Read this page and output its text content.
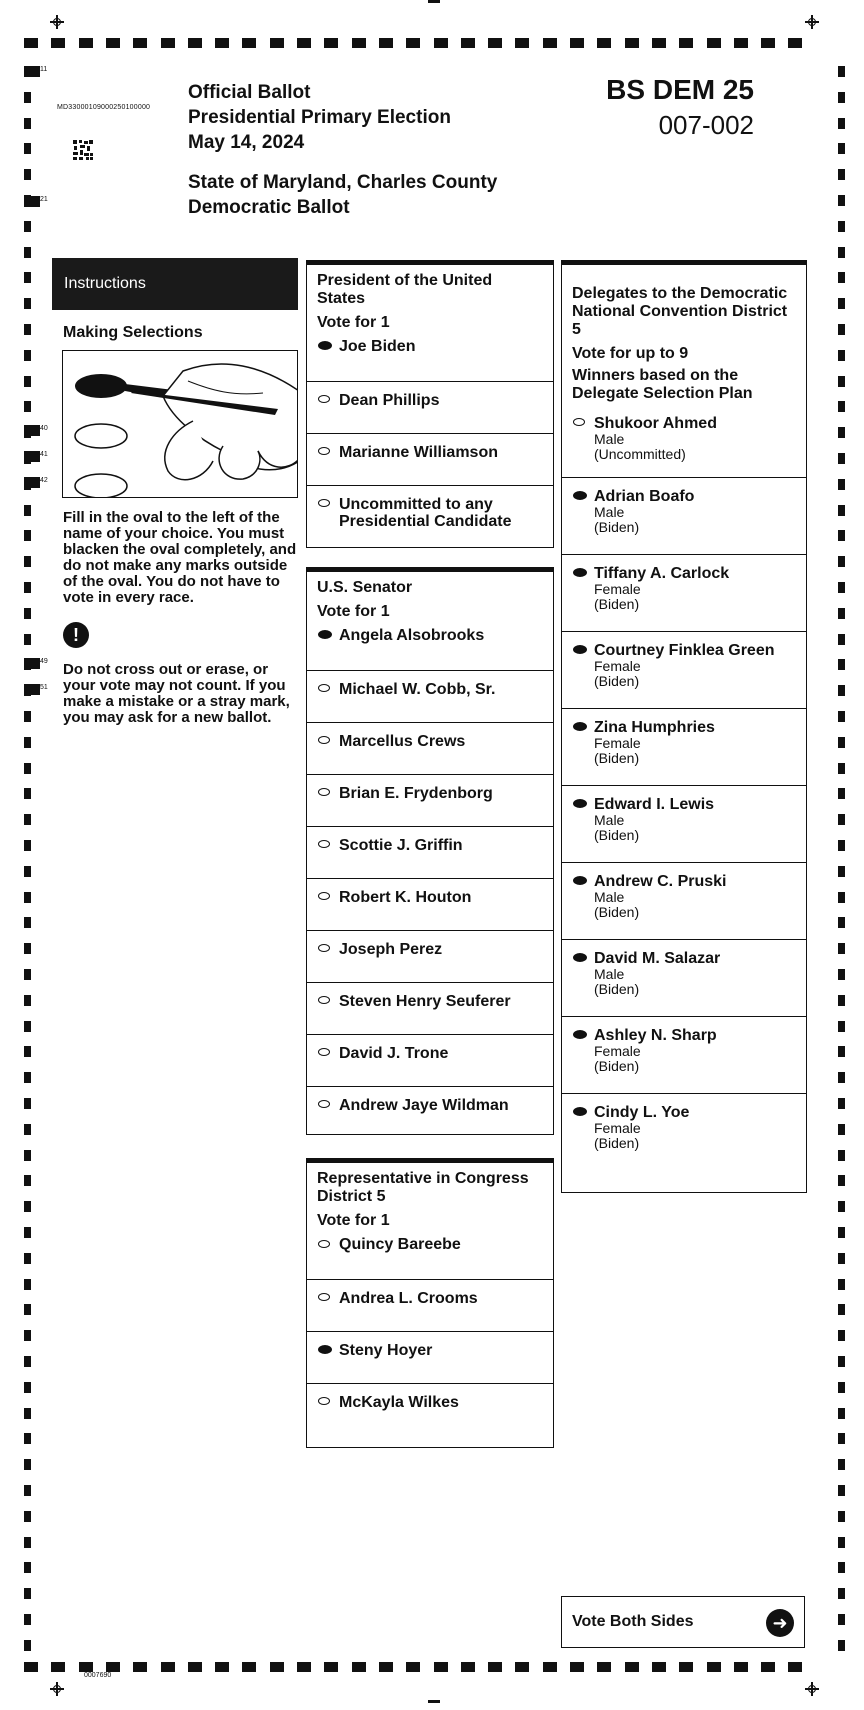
11
21
40
41
42
49
51
MD33000109000250100000
Official Ballot
Presidential Primary Election
May 14, 2024
State of Maryland, Charles County
Democratic Ballot
BS DEM 25
007-002
Instructions
Making Selections
Fill in the oval to the left of the name of your choice. You must blacken the oval completely, and do not make any marks outside of the oval. You do not have to vote in every race.
!
Do not cross out or erase, or your vote may not count. If you make a mistake or a stray mark, you may ask for a new ballot.
President of the United States
Vote for 1
Joe Biden
Dean Phillips
Marianne Williamson
Uncommitted to any Presidential Candidate
U.S. Senator
Vote for 1
Angela Alsobrooks
Michael W. Cobb, Sr.
Marcellus Crews
Brian E. Frydenborg
Scottie J. Griffin
Robert K. Houton
Joseph Perez
Steven Henry Seuferer
David J. Trone
Andrew Jaye Wildman
Representative in Congress District 5
Vote for 1
Quincy Bareebe
Andrea L. Crooms
Steny Hoyer
McKayla Wilkes
Delegates to the Democratic National Convention District 5
Vote for up to 9
Winners based on the Delegate Selection Plan
Shukoor Ahmed
Male
(Uncommitted)
Adrian Boafo
Male
(Biden)
Tiffany A. Carlock
Female
(Biden)
Courtney Finklea Green
Female
(Biden)
Zina Humphries
Female
(Biden)
Edward I. Lewis
Male
(Biden)
Andrew C. Pruski
Male
(Biden)
David M. Salazar
Male
(Biden)
Ashley N. Sharp
Female
(Biden)
Cindy L. Yoe
Female
(Biden)
Vote Both Sides	➜
0007690
